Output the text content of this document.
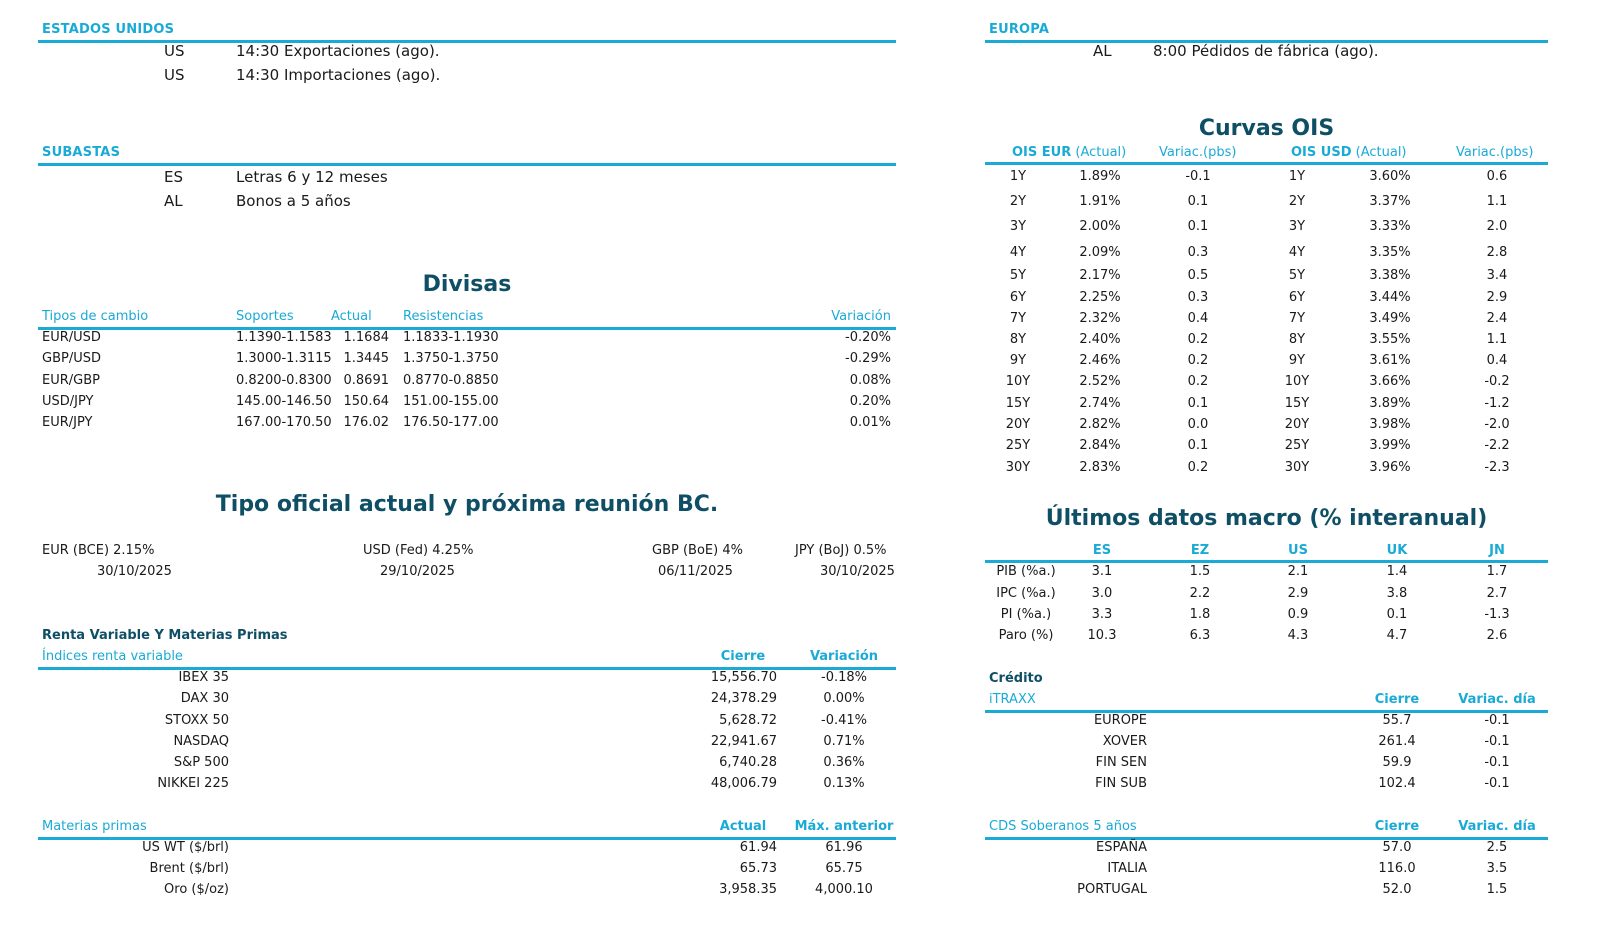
ESTADOS UNIDOS
US	14:30 Exportaciones (ago).
US	14:30 Importaciones (ago).
SUBASTAS
ES	Letras 6 y 12 meses
AL	Bonos a 5 años
Divisas
Tipos de cambio	Soportes	Actual Resistencias	Variación
EUR/USD	1.1390-1.1583 1.1684 1.1833-1.1930	-0.20%
GBP/USD	1.3000-1.3115 1.3445 1.3750-1.3750	-0.29%
EUR/GBP	0.8200-0.8300 0.8691 0.8770-0.8850	0.08%
USD/JPY	145.00-146.50 150.64 151.00-155.00	0.20%
EUR/JPY	167.00-170.50 176.02 176.50-177.00	0.01%
Tipo oficial actual y próxima reunión BC.
EUR (BCE) 2.15%
30/10/2025
USD (Fed) 4.25%
29/10/2025
GBP (BoE) 4%
06/11/2025
JPY (BoJ) 0.5%
30/10/2025
Renta Variable Y Materias Primas
Índices renta variable	Cierre	Variación
IBEX 35	15,556.70	-0.18%
DAX 30	24,378.29	0.00%
STOXX 50	5,628.72	-0.41%
NASDAQ	22,941.67	0.71%
S&P 500	6,740.28	0.36%
NIKKEI 225	48,006.79	0.13%
Materias primas	Actual	Máx. anterior
US WT ($/brl)	61.94	61.96
Brent ($/brl)	65.73	65.75
Oro ($/oz)	3,958.35	4,000.10
EUROPA
AL	8:00 Pédidos de fábrica (ago).
Curvas OIS
OIS EUR (Actual)	Variac.(pbs)	OIS USD (Actual)	Variac.(pbs)
1Y	1.89%	-0.1	1Y	3.60%	0.6
2Y	1.91%	0.1	2Y	3.37%	1.1
3Y	2.00%	0.1	3Y	3.33%	2.0
4Y	2.09%	0.3	4Y	3.35%	2.8
5Y	2.17%	0.5	5Y	3.38%	3.4
6Y	2.25%	0.3	6Y	3.44%	2.9
7Y	2.32%	0.4	7Y	3.49%	2.4
8Y	2.40%	0.2	8Y	3.55%	1.1
9Y	2.46%	0.2	9Y	3.61%	0.4
10Y	2.52%	0.2	10Y	3.66%	-0.2
15Y	2.74%	0.1	15Y	3.89%	-1.2
20Y	2.82%	0.0	20Y	3.98%	-2.0
25Y	2.84%	0.1	25Y	3.99%	-2.2
30Y	2.83%	0.2	30Y	3.96%	-2.3
Últimos datos macro (% interanual)
ES	EZ	US	UK	JN
PIB (%a.)	3.1	1.5	2.1	1.4	1.7
IPC (%a.)	3.0	2.2	2.9	3.8	2.7
PI (%a.)	3.3	1.8	0.9	0.1	-1.3
Paro (%)	10.3	6.3	4.3	4.7	2.6
Crédito
iTRAXX	Cierre	Variac. día
EUROPE	55.7	-0.1
XOVER	261.4	-0.1
FIN SEN	59.9	-0.1
FIN SUB	102.4	-0.1
CDS Soberanos 5 años	Cierre	Variac. día
ESPAÑA	57.0	2.5
ITALIA	116.0	3.5
PORTUGAL	52.0	1.5
